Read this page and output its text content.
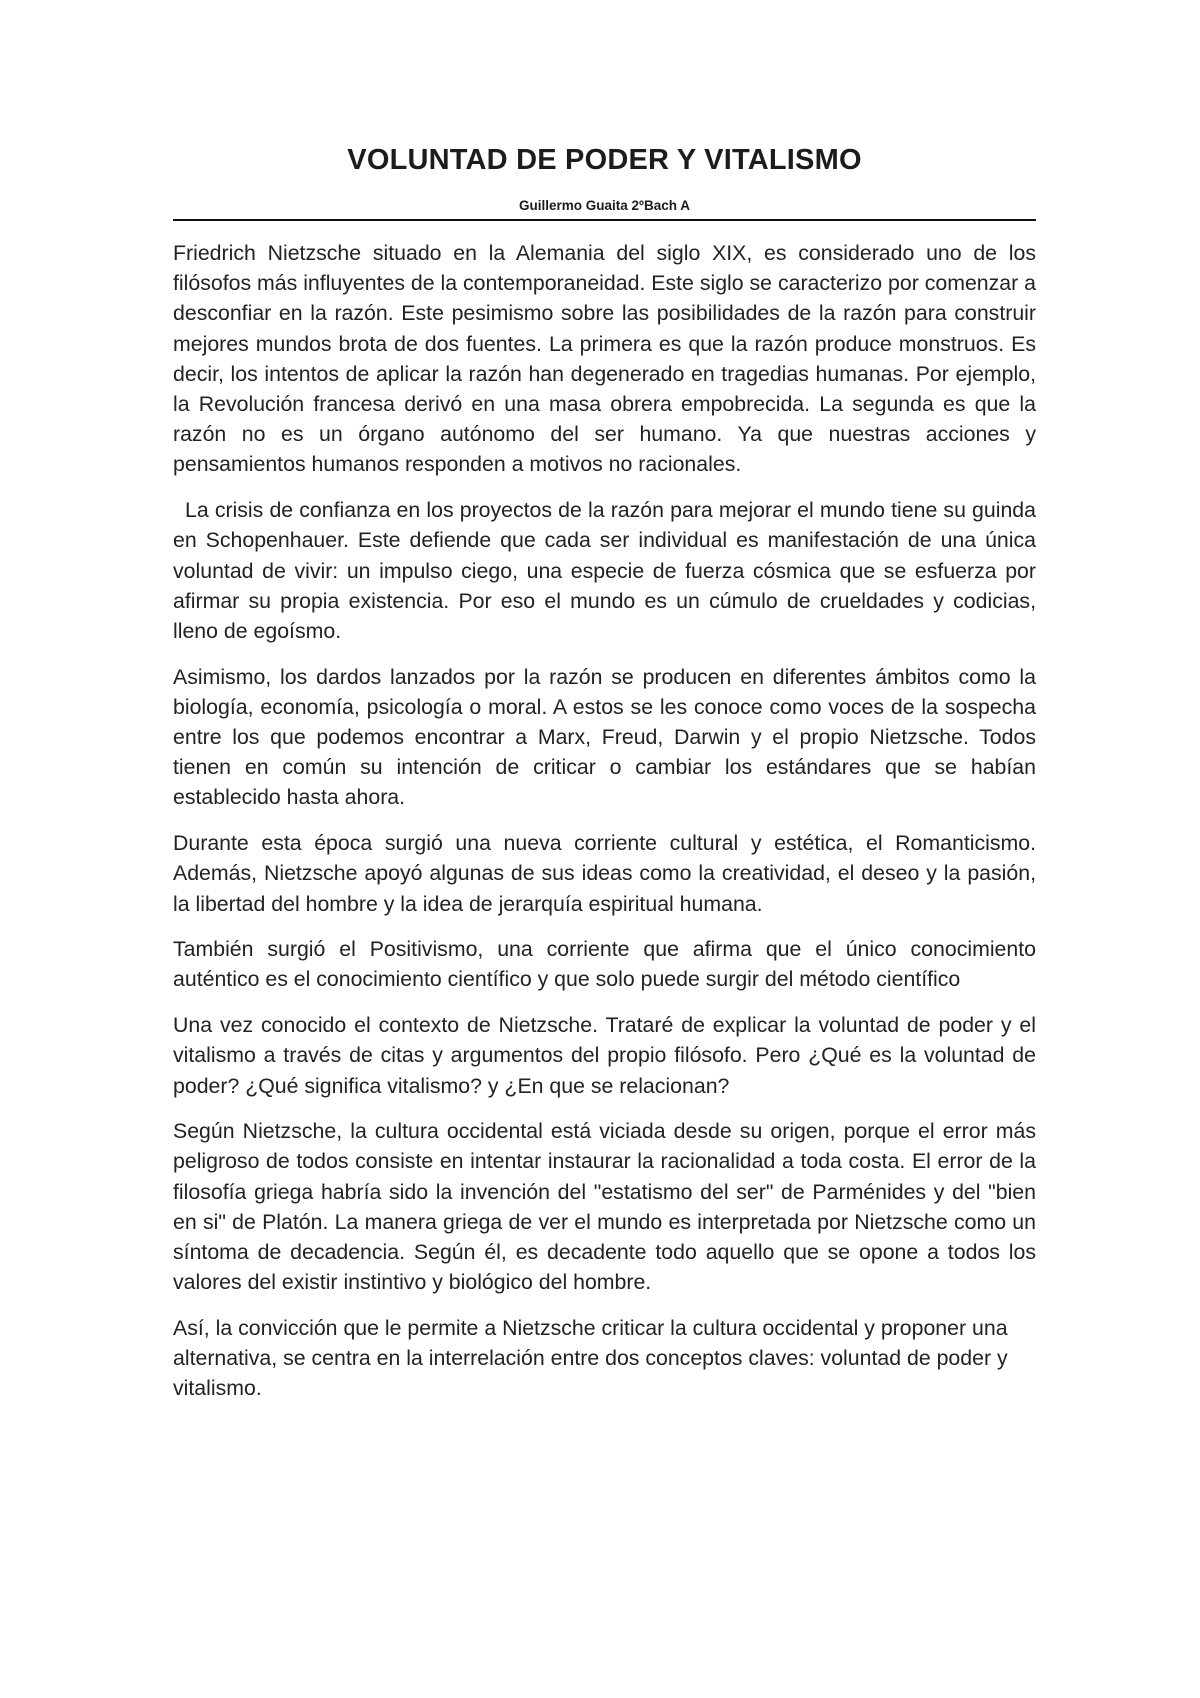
VOLUNTAD DE PODER Y VITALISMO
Guillermo Guaita 2ºBach A

Friedrich Nietzsche situado en la Alemania del siglo XIX, es considerado uno de los filósofos más influyentes de la contemporaneidad. Este siglo se caracterizo por comenzar a desconfiar en la razón. Este pesimismo sobre las posibilidades de la razón para construir mejores mundos brota de dos fuentes. La primera es que la razón produce monstruos. Es decir, los intentos de aplicar la razón han degenerado en tragedias humanas. Por ejemplo, la Revolución francesa derivó en una masa obrera empobrecida. La segunda es que la razón no es un órgano autónomo del ser humano. Ya que nuestras acciones y pensamientos humanos responden a motivos no racionales.

La crisis de confianza en los proyectos de la razón para mejorar el mundo tiene su guinda en Schopenhauer. Este defiende que cada ser individual es manifestación de una única voluntad de vivir: un impulso ciego, una especie de fuerza cósmica que se esfuerza por afirmar su propia existencia. Por eso el mundo es un cúmulo de crueldades y codicias, lleno de egoísmo.

Asimismo, los dardos lanzados por la razón se producen en diferentes ámbitos como la biología, economía, psicología o moral. A estos se les conoce como voces de la sospecha entre los que podemos encontrar a Marx, Freud, Darwin y el propio Nietzsche. Todos tienen en común su intención de criticar o cambiar los estándares que se habían establecido hasta ahora.

Durante esta época surgió una nueva corriente cultural y estética, el Romanticismo. Además, Nietzsche apoyó algunas de sus ideas como la creatividad, el deseo y la pasión, la libertad del hombre y la idea de jerarquía espiritual humana.

También surgió el Positivismo, una corriente que afirma que el único conocimiento auténtico es el conocimiento científico y que solo puede surgir del método científico

Una vez conocido el contexto de Nietzsche. Trataré de explicar la voluntad de poder y el vitalismo a través de citas y argumentos del propio filósofo. Pero ¿Qué es la voluntad de poder? ¿Qué significa vitalismo? y ¿En que se relacionan?

Según Nietzsche, la cultura occidental está viciada desde su origen, porque el error más peligroso de todos consiste en intentar instaurar la racionalidad a toda costa. El error de la filosofía griega habría sido la invención del "estatismo del ser" de Parménides y del "bien en si" de Platón. La manera griega de ver el mundo es interpretada por Nietzsche como un síntoma de decadencia. Según él, es decadente todo aquello que se opone a todos los valores del existir instintivo y biológico del hombre.

Así, la convicción que le permite a Nietzsche criticar la cultura occidental y proponer una alternativa, se centra en la interrelación entre dos conceptos claves: voluntad de poder y vitalismo.
